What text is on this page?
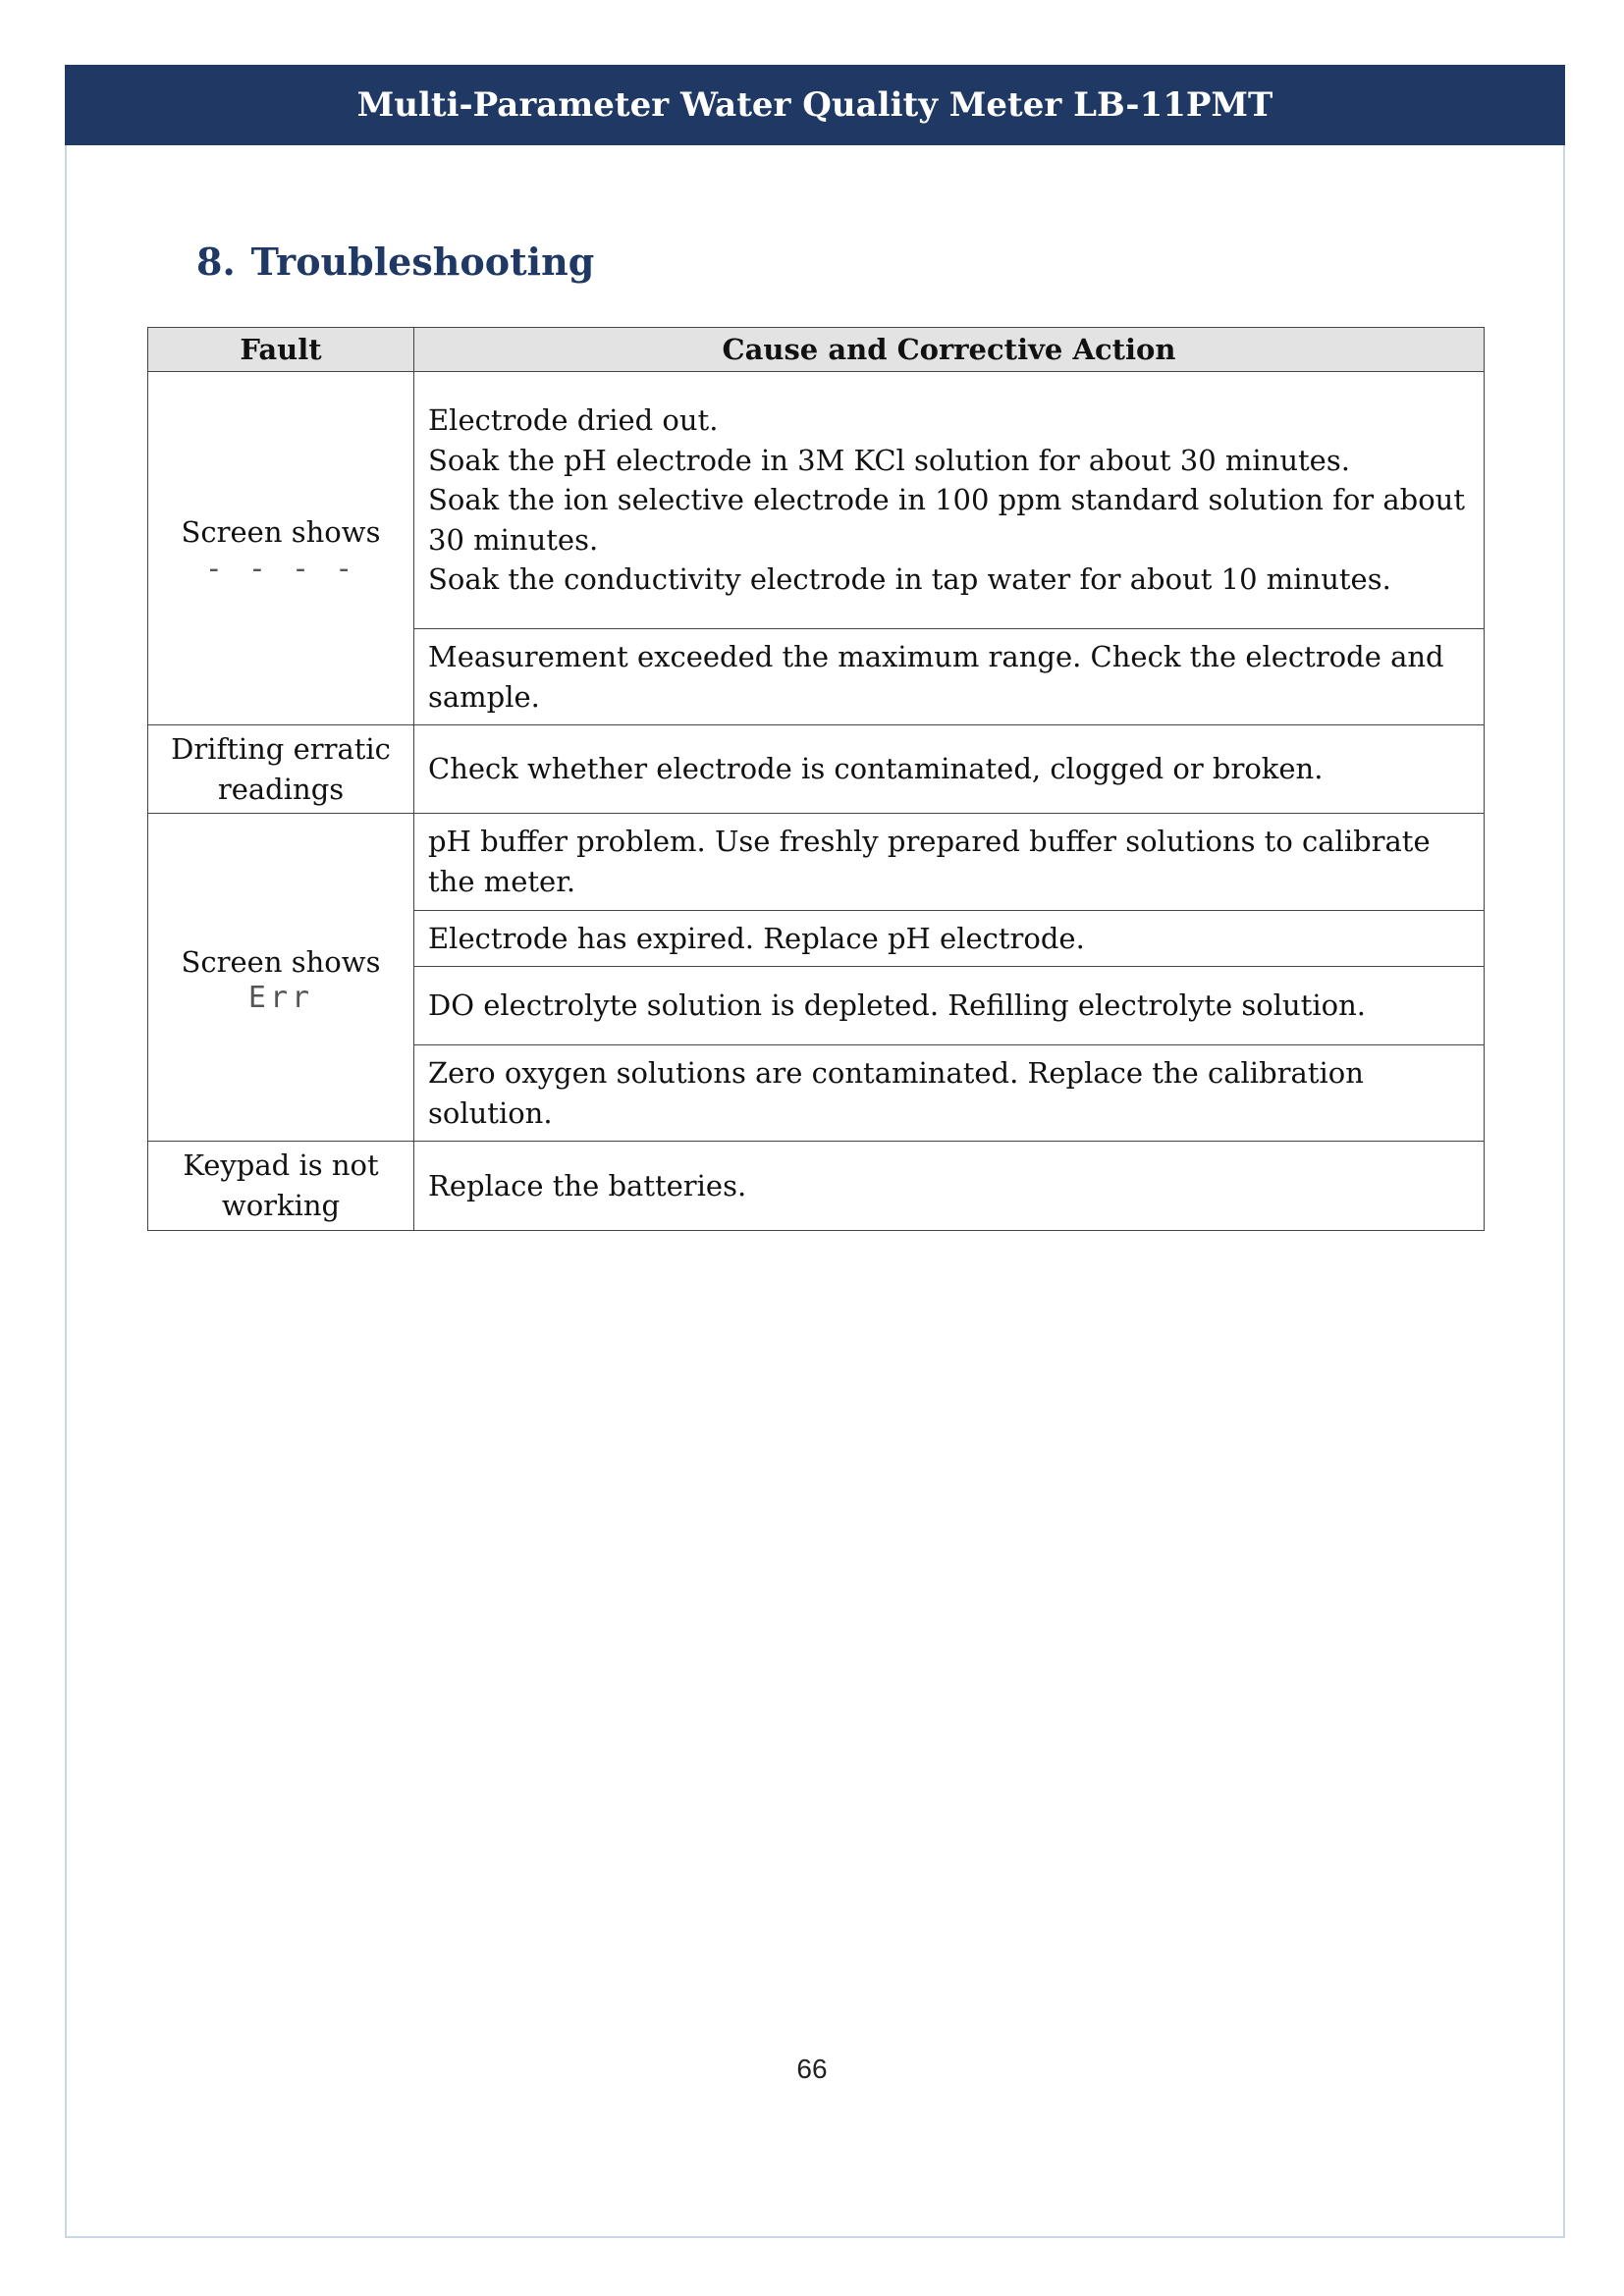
Multi-Parameter Water Quality Meter LB-11PMT
8. Troubleshooting
Fault	Cause and Corrective Action

Screen shows
- - - -	Electrode dried out.
Soak the pH electrode in 3M KCl solution for about 30 minutes.
Soak the ion selective electrode in 100 ppm standard solution for about 30 minutes.
Soak the conductivity electrode in tap water for about 10 minutes.

	Measurement exceeded the maximum range. Check the electrode and sample.

Drifting erratic readings	Check whether electrode is contaminated, clogged or broken.

Screen shows
Err	pH buffer problem. Use freshly prepared buffer solutions to calibrate the meter.

	Electrode has expired. Replace pH electrode.

	DO electrolyte solution is depleted. Refilling electrolyte solution.

	Zero oxygen solutions are contaminated. Replace the calibration solution.

Keypad is not working	Replace the batteries.
66
